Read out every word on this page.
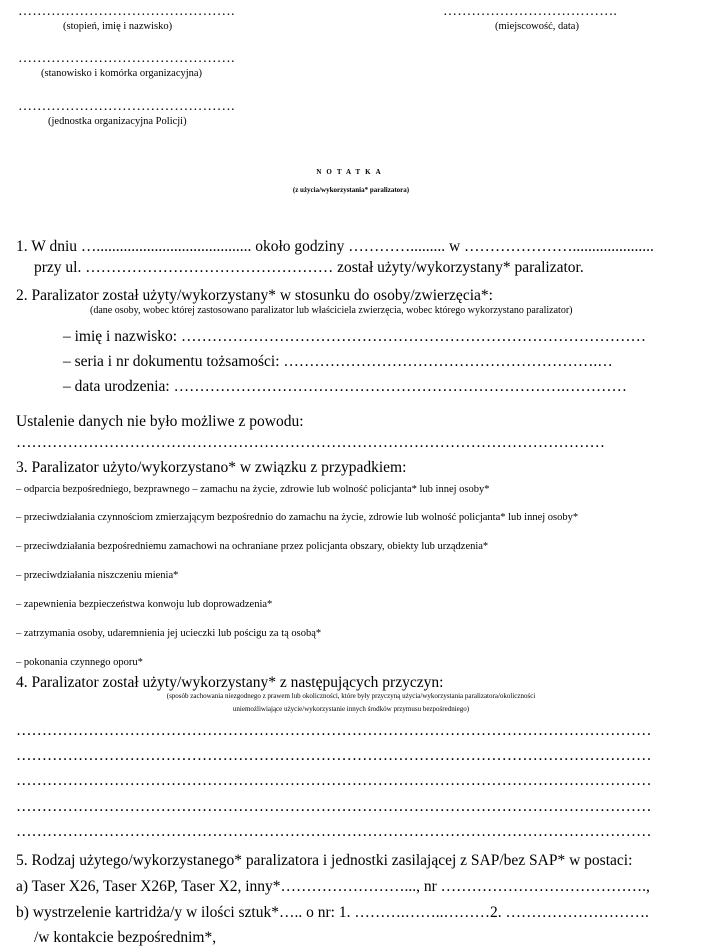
……………………………………….
(stopień, imię i nazwisko)
……………………………….
(miejscowość, data)
……………………………………….
(stanowisko i komórka organizacyjna)
……………………………………….
(jednostka organizacyjna Policji)
NOTATKA
(z użycia/wykorzystania* paralizatora)
1. W dniu …........................................ około godziny …………......... w ………………….....................
przy ul. ………………………………………… został użyty/wykorzystany* paralizator.
2. Paralizator został użyty/wykorzystany* w stosunku do osoby/zwierzęcia*:
(dane osoby, wobec której zastosowano paralizator lub właściciela zwierzęcia, wobec którego wykorzystano paralizator)
– imię i nazwisko: ………………………………………………………………………………
– seria i nr dokumentu tożsamości: …………………………………………………….…
– data urodzenia: ………………………………………………………………….…………
Ustalenie danych nie było możliwe z powodu:
……………………………………………………………………………………………………
3. Paralizator użyto/wykorzystano* w związku z przypadkiem:
– odparcia bezpośredniego, bezprawnego – zamachu na życie, zdrowie lub wolność policjanta* lub innej osoby*
– przeciwdziałania czynnościom zmierzającym bezpośrednio do zamachu na życie, zdrowie lub wolność policjanta* lub innej osoby*
– przeciwdziałania bezpośredniemu zamachowi na ochraniane przez policjanta obszary, obiekty lub urządzenia*
– przeciwdziałania niszczeniu mienia*
– zapewnienia bezpieczeństwa konwoju lub doprowadzenia*
– zatrzymania osoby, udaremnienia jej ucieczki lub pościgu za tą osobą*
– pokonania czynnego oporu*
4. Paralizator został użyty/wykorzystany* z następujących przyczyn:
(sposób zachowania niezgodnego z prawem lub okoliczności, które były przyczyną użycia/wykorzystania paralizatora/okoliczności
uniemożliwiające użycie/wykorzystanie innych środków przymusu bezpośredniego)
……………………………………………………………………………………………………………
……………………………………………………………………………………………………………
……………………………………………………………………………………………………………
……………………………………………………………………………………………………………
……………………………………………………………………………………………………………
5. Rodzaj użytego/wykorzystanego* paralizatora i jednostki zasilającej z SAP/bez SAP* w postaci:
a) Taser X26, Taser X26P, Taser X2, inny*……………………..., nr ………………………………….,
b) wystrzelenie kartridża/y w ilości sztuk*….. o nr: 1. ……….……..………2. ……………………….
/w kontakcie bezpośrednim*,
